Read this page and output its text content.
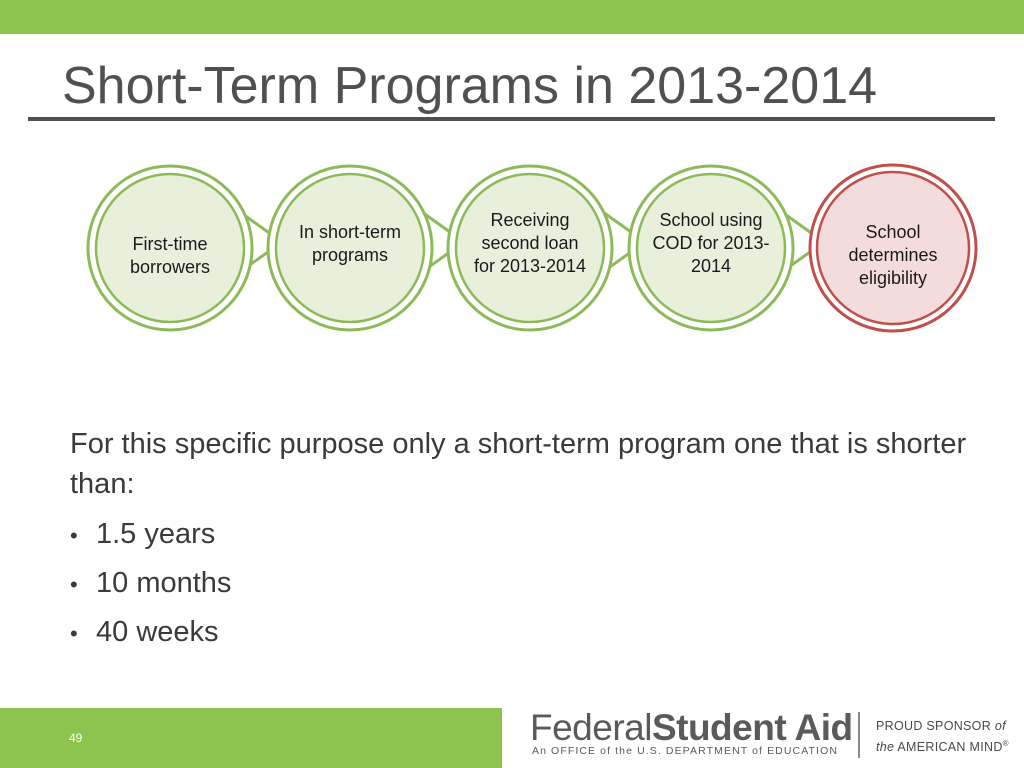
Short-Term Programs in 2013-2014
First-time borrowers
In short-term programs
Receiving second loan for 2013-2014
School using COD for 2013-2014
School determines eligibility

For this specific purpose only a short-term program one that is shorter than:

• 1.5 years
• 10 months
• 40 weeks
49	FederalStudent Aid
An OFFICE of the U.S. DEPARTMENT of EDUCATION
PROUD SPONSOR of
the AMERICAN MIND®
